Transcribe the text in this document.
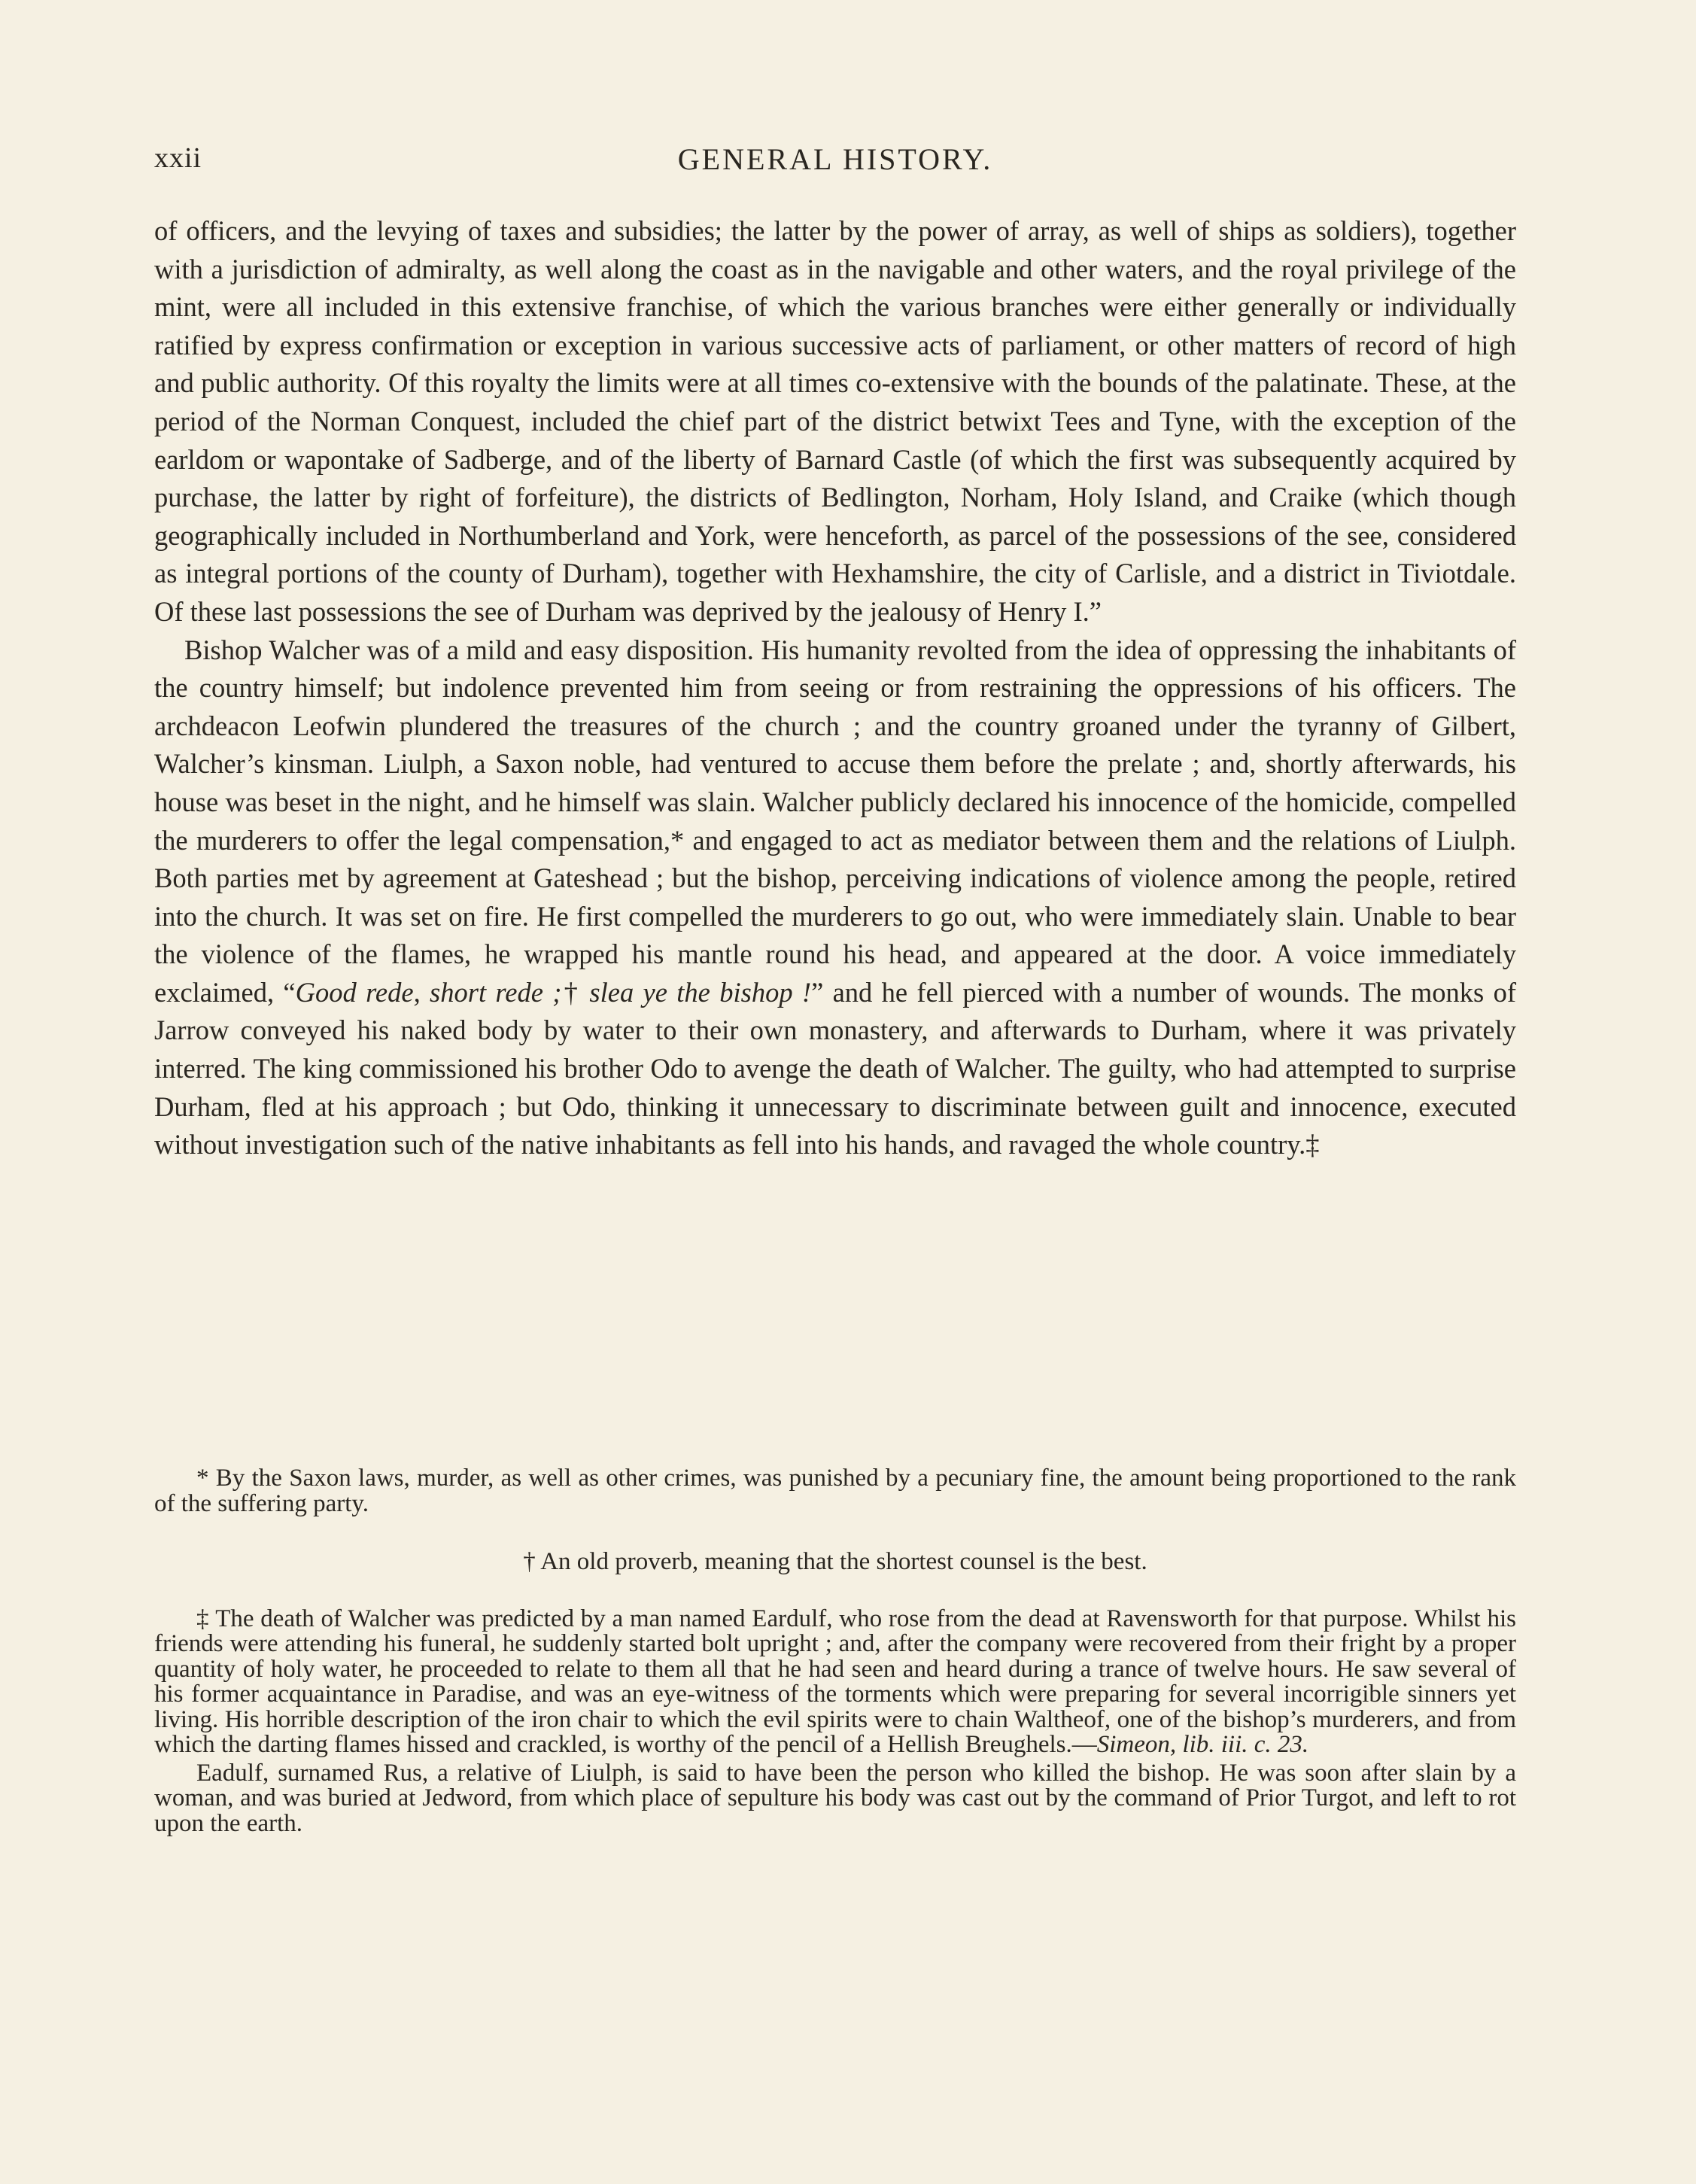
xxii	GENERAL HISTORY.

of officers, and the levying of taxes and subsidies; the latter by the power of array, as well of ships as soldiers), together with a jurisdiction of admiralty, as well along the coast as in the navigable and other waters, and the royal privilege of the mint, were all included in this extensive franchise, of which the various branches were either generally or individually ratified by express confirmation or exception in various successive acts of parliament, or other matters of record of high and public authority. Of this royalty the limits were at all times co-extensive with the bounds of the palatinate. These, at the period of the Norman Conquest, included the chief part of the district betwixt Tees and Tyne, with the exception of the earldom or wapontake of Sadberge, and of the liberty of Barnard Castle (of which the first was subsequently acquired by purchase, the latter by right of forfeiture), the districts of Bedlington, Norham, Holy Island, and Craike (which though geographically included in Northumberland and York, were henceforth, as parcel of the possessions of the see, considered as integral portions of the county of Durham), together with Hexhamshire, the city of Carlisle, and a district in Tiviotdale. Of these last possessions the see of Durham was deprived by the jealousy of Henry I.”

Bishop Walcher was of a mild and easy disposition. His humanity revolted from the idea of oppressing the inhabitants of the country himself; but indolence prevented him from seeing or from restraining the oppressions of his officers. The archdeacon Leofwin plundered the treasures of the church ; and the country groaned under the tyranny of Gilbert, Walcher’s kinsman. Liulph, a Saxon noble, had ventured to accuse them before the prelate ; and, shortly afterwards, his house was beset in the night, and he himself was slain. Walcher publicly declared his innocence of the homicide, compelled the murderers to offer the legal compensation,* and engaged to act as mediator between them and the relations of Liulph. Both parties met by agreement at Gateshead ; but the bishop, perceiving indications of violence among the people, retired into the church. It was set on fire. He first compelled the murderers to go out, who were immediately slain. Unable to bear the violence of the flames, he wrapped his mantle round his head, and appeared at the door. A voice immediately exclaimed, “Good rede, short rede ;† slea ye the bishop !” and he fell pierced with a number of wounds. The monks of Jarrow conveyed his naked body by water to their own monastery, and afterwards to Durham, where it was privately interred. The king commissioned his brother Odo to avenge the death of Walcher. The guilty, who had attempted to surprise Durham, fled at his approach ; but Odo, thinking it unnecessary to discriminate between guilt and innocence, executed without investigation such of the native inhabitants as fell into his hands, and ravaged the whole country.‡

* By the Saxon laws, murder, as well as other crimes, was punished by a pecuniary fine, the amount being proportioned to the rank of the suffering party.

† An old proverb, meaning that the shortest counsel is the best.

‡ The death of Walcher was predicted by a man named Eardulf, who rose from the dead at Ravensworth for that purpose. Whilst his friends were attending his funeral, he suddenly started bolt upright ; and, after the company were recovered from their fright by a proper quantity of holy water, he proceeded to relate to them all that he had seen and heard during a trance of twelve hours. He saw several of his former acquaintance in Paradise, and was an eye-witness of the torments which were preparing for several incorrigible sinners yet living. His horrible description of the iron chair to which the evil spirits were to chain Waltheof, one of the bishop’s murderers, and from which the darting flames hissed and crackled, is worthy of the pencil of a Hellish Breughels.—Simeon, lib. iii. c. 23.

Eadulf, surnamed Rus, a relative of Liulph, is said to have been the person who killed the bishop. He was soon after slain by a woman, and was buried at Jedword, from which place of sepulture his body was cast out by the command of Prior Turgot, and left to rot upon the earth.
